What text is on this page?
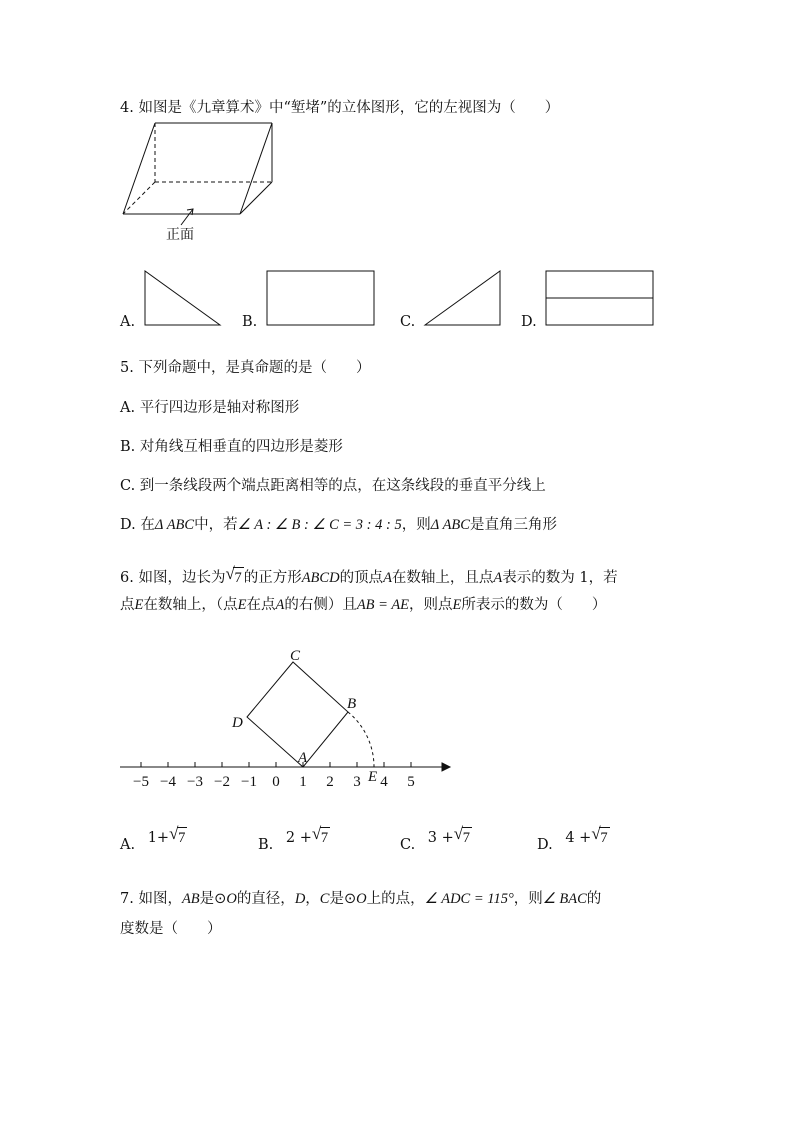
4. 如图是《九章算术》中“堑堵”的立体图形，它的左视图为（　　）
C
B
D
A
E
−5 −4 −3 −2 −1 0 1 2 3 4 5
正面
A.	B.	C.	D.
5. 下列命题中，是真命题的是（　　）
A. 平行四边形是轴对称图形
B. 对角线互相垂直的四边形是菱形
C. 到一条线段两个端点距离相等的点，在这条线段的垂直平分线上
D. 在Δ ABC中，若∠ A : ∠ B : ∠ C = 3 : 4 : 5，则Δ ABC是直角三角形
6. 如图，边长为 √ 7 的正方形ABCD的顶点A在数轴上，且点A表示的数为 1，若
点E在数轴上，（点E在点A的右侧）且AB = AE，则点E所表示的数为（　　）
A. 1+ √ 7	B. 2 + √ 7	C. 3 + √ 7	D. 4 + √ 7
7. 如图，AB是⊙O的直径，D，C是⊙O上的点，∠ ADC = 115°，则∠ BAC的
度数是（　　）
